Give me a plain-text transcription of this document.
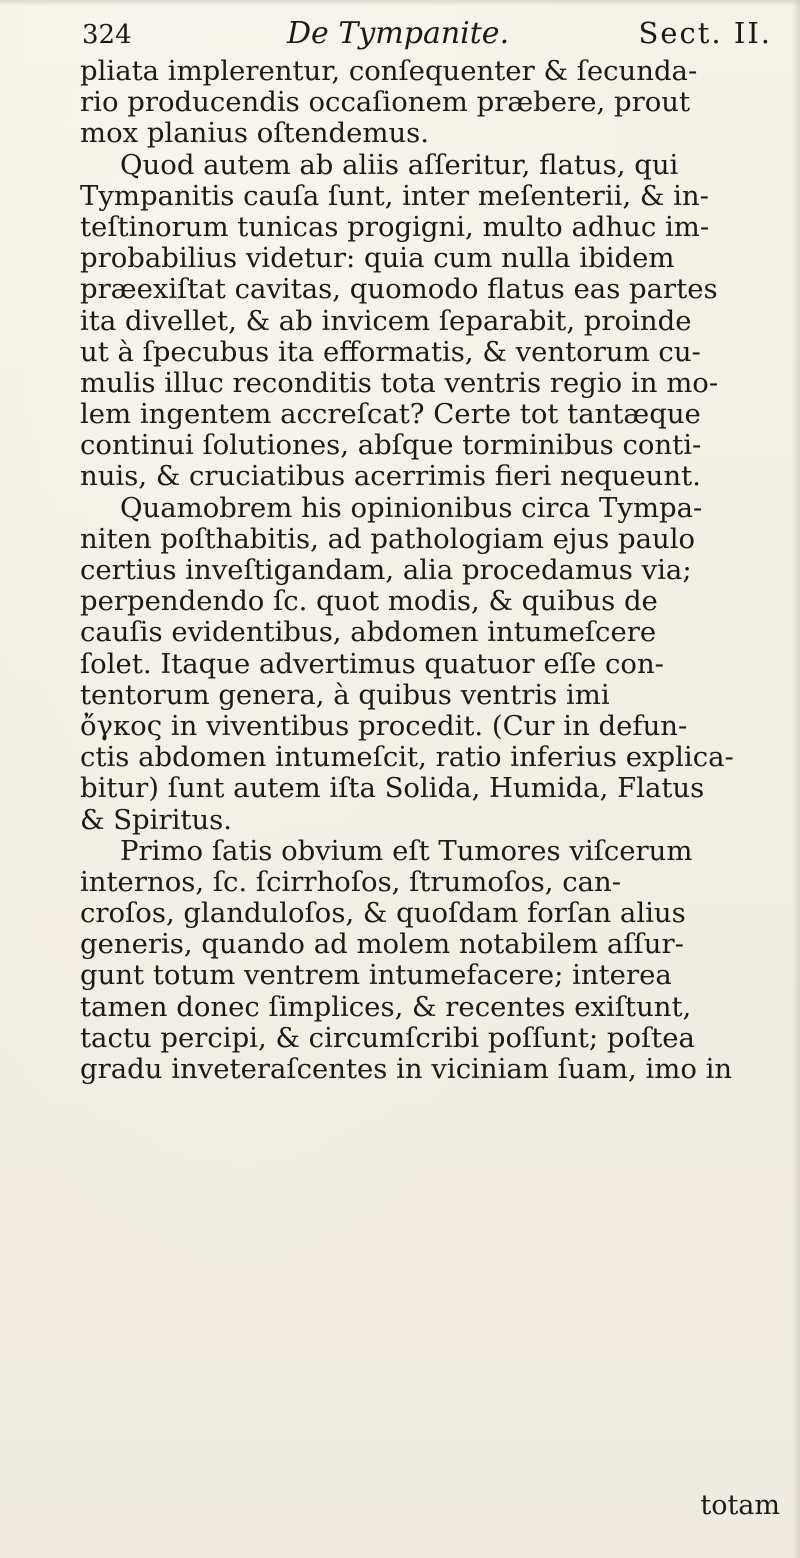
324	De Tympanite.	Sect. II.
pliata implerentur, conſequenter & ſecunda-
rio producendis occaſionem præbere, prout
mox planius oſtendemus.
Quod autem ab aliis aſſeritur, flatus, qui
Tympanitis cauſa ſunt, inter meſenterii, & in-
teſtinorum tunicas progigni, multo adhuc im-
probabilius videtur: quia cum nulla ibidem
præexiſtat cavitas, quomodo flatus eas partes
ita divellet, & ab invicem ſeparabit, proinde
ut à ſpecubus ita efformatis, & ventorum cu-
mulis illuc reconditis tota ventris regio in mo-
lem ingentem accreſcat? Certe tot tantæque
continui ſolutiones, abſque torminibus conti-
nuis, & cruciatibus acerrimis fieri nequeunt.
Quamobrem his opinionibus circa Tympa-
niten poſthabitis, ad pathologiam ejus paulo
certius inveſtigandam, alia procedamus via;
perpendendo ſc. quot modis, & quibus de
cauſis evidentibus, abdomen intumeſcere
ſolet. Itaque advertimus quatuor eſſe con-
tentorum genera, à quibus ventris imi
ὄγκος in viventibus procedit. (Cur in defun-
ctis abdomen intumeſcit, ratio inferius explica-
bitur) ſunt autem iſta Solida, Humida, Flatus
& Spiritus.
Primo ſatis obvium eſt Tumores viſcerum
internos, ſc. ſcirrhoſos, ſtrumoſos, can-
croſos, glanduloſos, & quoſdam forſan alius
generis, quando ad molem notabilem aſſur-
gunt totum ventrem intumefacere; interea
tamen donec ſimplices, & recentes exiſtunt,
tactu percipi, & circumſcribi poſſunt; poſtea
gradu inveteraſcentes in viciniam ſuam, imo in
totam
